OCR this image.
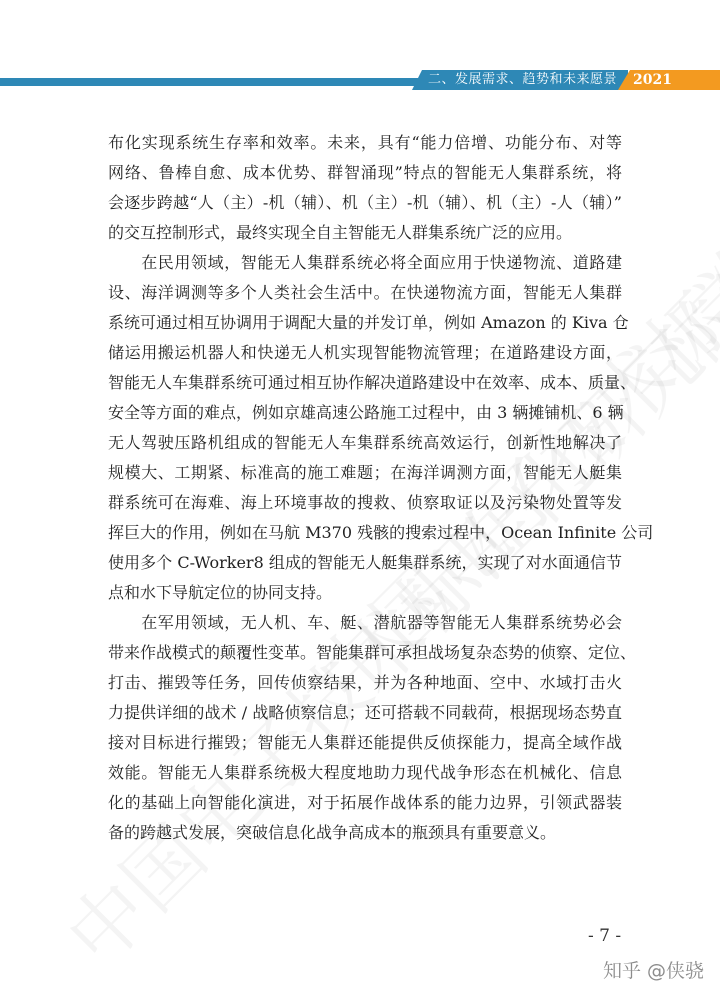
二、发展需求、趋势和未来愿景 2021

布化实现系统生存率和效率。未来，具有“能力倍增、功能分布、对等
网络、鲁棒自愈、成本优势、群智涌现”特点的智能无人集群系统，将
会逐步跨越“人（主）-机（辅）、机（主）-机（辅）、机（主）-人（辅）”
的交互控制形式，最终实现全自主智能无人群集系统广泛的应用。

　　在民用领域，智能无人集群系统必将全面应用于快递物流、道路建
设、海洋调测等多个人类社会生活中。在快递物流方面，智能无人集群
系统可通过相互协调用于调配大量的并发订单，例如 Amazon 的 Kiva 仓
储运用搬运机器人和快递无人机实现智能物流管理；在道路建设方面，
智能无人车集群系统可通过相互协作解决道路建设中在效率、成本、质量、
安全等方面的难点，例如京雄高速公路施工过程中，由 3 辆摊铺机、6 辆
无人驾驶压路机组成的智能无人车集群系统高效运行，创新性地解决了
规模大、工期紧、标准高的施工难题；在海洋调测方面，智能无人艇集
群系统可在海难、海上环境事故的搜救、侦察取证以及污染物处置等发
挥巨大的作用，例如在马航 M370 残骸的搜索过程中，Ocean Infinite 公司
使用多个 C-Worker8 组成的智能无人艇集群系统，实现了对水面通信节
点和水下导航定位的协同支持。

　　在军用领域，无人机、车、艇、潜航器等智能无人集群系统势必会
带来作战模式的颠覆性变革。智能集群可承担战场复杂态势的侦察、定位、
打击、摧毁等任务，回传侦察结果，并为各种地面、空中、水域打击火
力提供详细的战术 / 战略侦察信息；还可搭载不同载荷，根据现场态势直
接对目标进行摧毁；智能无人集群还能提供反侦探能力，提高全域作战
效能。智能无人集群系统极大程度地助力现代战争形态在机械化、信息
化的基础上向智能化演进，对于拓展作战体系的能力边界，引领武器装
备的跨越式发展，突破信息化战争高成本的瓶颈具有重要意义。

- 7 -
知乎 @侠骁
